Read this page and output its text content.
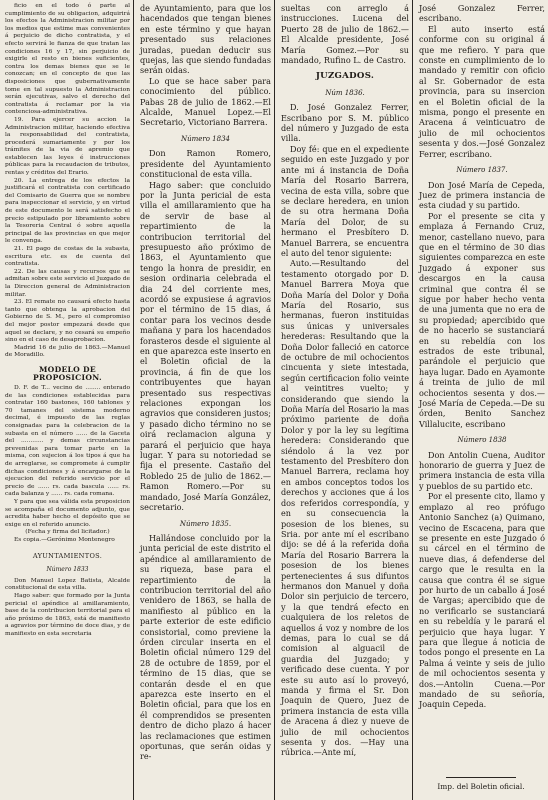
ficio en el todo ó parte al cumplimiento de su obligacion, adquirirá los efectos la Administracion militar por los medios que estime mas convenientes á perjuicio de dicho contratista, y el efecto servirá le fianza de que tratan las condiciones 16 y 17, sin perjuicio de exigirle el resto en bienes suficientes, contra los demas bienes que se le conozcan; en el concepto de que las disposiciones que gubernativamente tome en tal supuesto la Administracion serán ejecutivas, salvo el derecho del contratista á reclamar por la via contenciosa-administrativa.

19. Para ejercer su accion la Administracion militar, haciendo efectiva la responsabilidad del contratista, procederá sumariamente y por los trámites de la via de apremio que establecen las leyes é instrucciones públicas para la recaudacion de tributos, rentas y créditos del Erario.

20. La entrega de los efectos la justificará el contratista con certificado del Comisario de Guerra que se nombre para inspeccionar el servicio, y en virtud de este documento le será satisfecho el precio estipulado por libramiento sobre la Tesoreria Central ó sobre aquella principal de las provincias en que mejor le convenga.

21. El pago de costas de la subasta, escritura etc. es de cuenta del contratista.

22. De las causas y recursos que se admitan sobre este servicio el Juzgado de la Direccion general de Administracion militar.

23. El remate no causará efecto hasta tanto que obtenga la aprobacion del Gobierno de S. M., pero el compromiso del mejor postor empezará desde que aquel se declare, y no cesará su empeño sino en el caso de desaprobacion.

Madrid 16 de julio de 1863.—Manuel de Moradillo.

MODELO DE PROPOSICION.

D. F. de T... vecino de ........ enterado de las condiciones establecidas para contratar 160 bastones, 160 tablones y 70 tamanes del sistema moderno decimal, é impuesto de las reglas consignadas para la celebracion de la subasta en el número ...... de la Gaceta del ............ y demas circunstancias prevenidas para tomar parte en la misma, con sujecion á los tipos á que ha de arreglarse, se compromete á cumplir dichas condiciones y á encargarse de la ejecucion del referido servicio por el precio de ...... rs. cada bascula ...... rs. cada balanza y ...... rs. cada romana.

Y para que sea válida esta proposicion se acompaña el documento adjunto, que acredita haber hecho el depósito que se exige en el referido anuncio.

(Fecha y firma del licitador.)

Es copia.—Gerónimo Montenegro

AYUNTAMIENTOS.
Número 1833

Don Manuel Lopez Batista, Alcalde constitucional de esta villa.

Hago saber: que formado por la Junta pericial el apéndice al amillaramiento, base de la contribucion territorial para el año próximo de 1863, está de manifiesto a agravios por término de doce dias, y de manifiesto en esta secretaria

de Ayuntamiento, para que los hacendados que tengan bienes en este término y que hayan presentado sus relaciones juradas, puedan deducir sus quejas, las que siendo fundadas serán oidas.

Lo que se hace saber para conocimiento del público. Pabas 28 de julio de 1862.—El Alcalde, Manuel Lopez.—El Secretario, Victoriano Barrera.

Número 1834

Don Ramon Romero, presidente del Ayuntamiento constitucional de esta villa.

Hago saber: que concluido por la Junta pericial de esta villa el amillaramiento que ha de servir de base al repartimiento de la contribucion territorial del presupuesto año próximo de 1863, el Ayuntamiento que tengo la honra de presidir, en sesion ordinaria celebrada el dia 24 del corriente mes, acordó se expusiese á agravios por el término de 15 dias, á contar para los vecinos desde mañana y para los hacendados forasteros desde el siguiente al en que aparezca este inserto en el Boletin oficial de la provincia, á fin de que los contribuyentes que hayan presentado sus respectivas relaciones expongan los agravios que consideren justos; y pasado dicho término no se oirá reclamacion alguna y parará el perjuicio que haya lugar. Y para su notoriedad se fija el presente. Castaño del Robledo 25 de julio de 1862.—Ramon Romero.—Por su mandado, José María González, secretario.

Número 1835.

Hallándose concluido por la junta pericial de este distrito el apéndice al amillaramiento de su riqueza, base para el repartimiento de la contribucion territorial del año venidero de 1863, se halla de manifiesto al público en la parte exterior de este edificio consistorial, como previene la órden circular inserta en el Boletin oficial número 129 del 28 de octubre de 1859, por el término de 15 dias, que se contarán desde el en que aparezca este inserto en el Boletin oficial, para que los en él comprendidos se presenten dentro de dicho plazo á hacer las reclamaciones que estimen oportunas, que serán oidas y re-

sueltas con arreglo á instrucciones. Lucena del Puerto 28 de julio de 1862.—El Alcalde presidente, José María Gomez.—Por su mandado, Rufino L. de Castro.

JUZGADOS.
Núm 1836.

D. José Gonzalez Ferrer, Escribano por S. M. público del número y Juzgado de esta villa.

Doy fé: que en el expediente seguido en este Juzgado y por ante mi á instancia de Doña María del Rosario Barrera, vecina de esta villa, sobre que se declare herederа, en union de su otra hermana Doña María del Dolor, de su hermano el Presbítero D. Manuel Barrera, se encuentra el auto del tenor siguiente:

Auto.—Resultando del testamento otorgado por D. Manuel Barrera Moya que Doña María del Dolor y Doña María del Rosario, sus hermanas, fueron instituidas sus únicas y universales herederas: Resultando que la Doña Dolor falleció en catorce de octubre de mil ochocientos cincuenta y siete intestada, según certificacion folio veinte al veintitres vuelto; y considerando que siendo la Doña María del Rosario la mas próximo pariente de doña Dolor y por la ley su legítima heredera: Considerando que siéndolo á la vez por testamento del Presbítero don Manuel Barrera, reclama hoy en ambos conceptos todos los derechos y acciones que á los dos referidos correspondía, y en su consecuencia la posesion de los bienes, su Sria. por ante mí el escribano dijo: se dé á la referida doña María del Rosario Barrera la posesion de los bienes pertenecientes á sus difuntos hermanos don Manuel y doña Dolor sin perjuicio de tercero, y la que tendrá efecto en cualquiera de los reletos de aquellos á voz y nombre de los demas, para lo cual se dá comision al alguacil de guardia del Juzgado; y verificado dese cuenta. Y por este su auto así lo proveyó, manda y firma el Sr. Don Joaquin de Quero, Juez de primera instancia de esta villa de Aracena á diez y nueve de julio de mil ochocientos sesenta y dos. —Hay una rúbrica.—Ante mí,

José Gonzalez Ferrer, escribano.

El auto inserto está conforme con su original á que me refiero. Y para que conste en cumplimiento de lo mandado y remitir con oficio al Sr. Gobernador de esta provincia, para su insercion en el Boletin oficial de la misma, pongo el presente en Aracena á veinticuatro de julio de mil ochocientos sesenta y dos.—José Gonzalez Ferrer, escribano.

Número 1837.

Don José María de Cepeda, Juez de primera instancia de esta ciudad y su partido.

Por el presente se cita y emplaza á Fernando Cruz, menor, castellano nuevo, para que en el término de 30 dias siguientes comparezca en este Juzgado á exponer sus descargos en la causa criminal que contra él se sigue por haber hecho venta de una jumenta que no era de su propiedad; apercibido que de no hacerlo se sustanciará en su rebeldía con los estrados de este tribunal, parándole el perjuicio que haya lugar. Dado en Ayamonte á treinta de julio de mil ochocientos sesenta y dos.—José María de Cepeda.—De su órden, Benito Sanchez Villalucite, escribano

Número 1838

Don Antolin Cuena, Auditor honorario de guerra y Juez de primera instancia de esta villa y pueblos de su partido etc.

Por el presente cito, llamo y emplazo al reo prófugo Antonio Sanchez (a) Quimano, vecino de Escacena, para que se presente en este Juzgado ó su cárcel en el término de nueve dias, á defenderse del cargo que le resulta en la causa que contra él se sigue por hurto de un caballo á José de Vargas; apercibido que de no verificarlo se sustanciará en su rebeldía y le parará el perjuicio que haya lugar. Y para que llegue á noticia de todos pongo el presente en La Palma á veinte y seis de julio de mil ochocientos sesenta y dos.—Antolin Cuena.—Por mandado de su señoría, Joaquin Cepeda.

Imp. del Boletin oficial.
